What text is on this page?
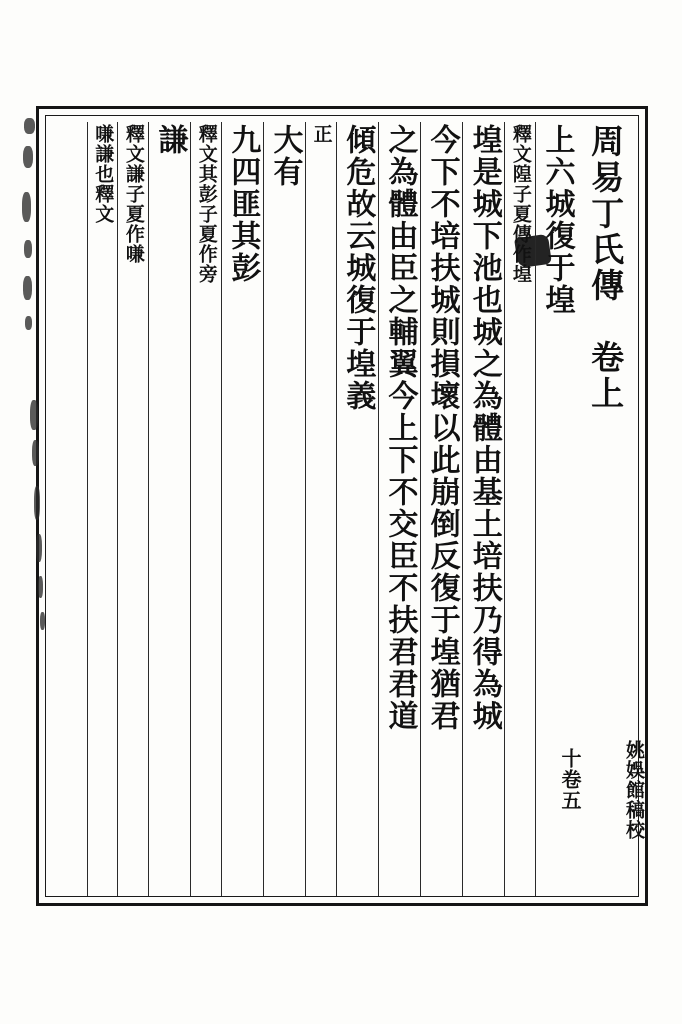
周易丁氏傳　卷上
上六城復于堭
釋文隍子夏傳作堭
堭是城下池也城之為體由基土培扶乃得為城
今下不培扶城則損壞以此崩倒反復于堭猶君
之為體由臣之輔翼今上下不交臣不扶君君道
傾危故云城復于堭義
正
大有
九四匪其彭
釋文其彭子夏作旁
謙
釋文謙子夏作嗛
嗛謙也釋文
姚娛館稿校
十卷五
